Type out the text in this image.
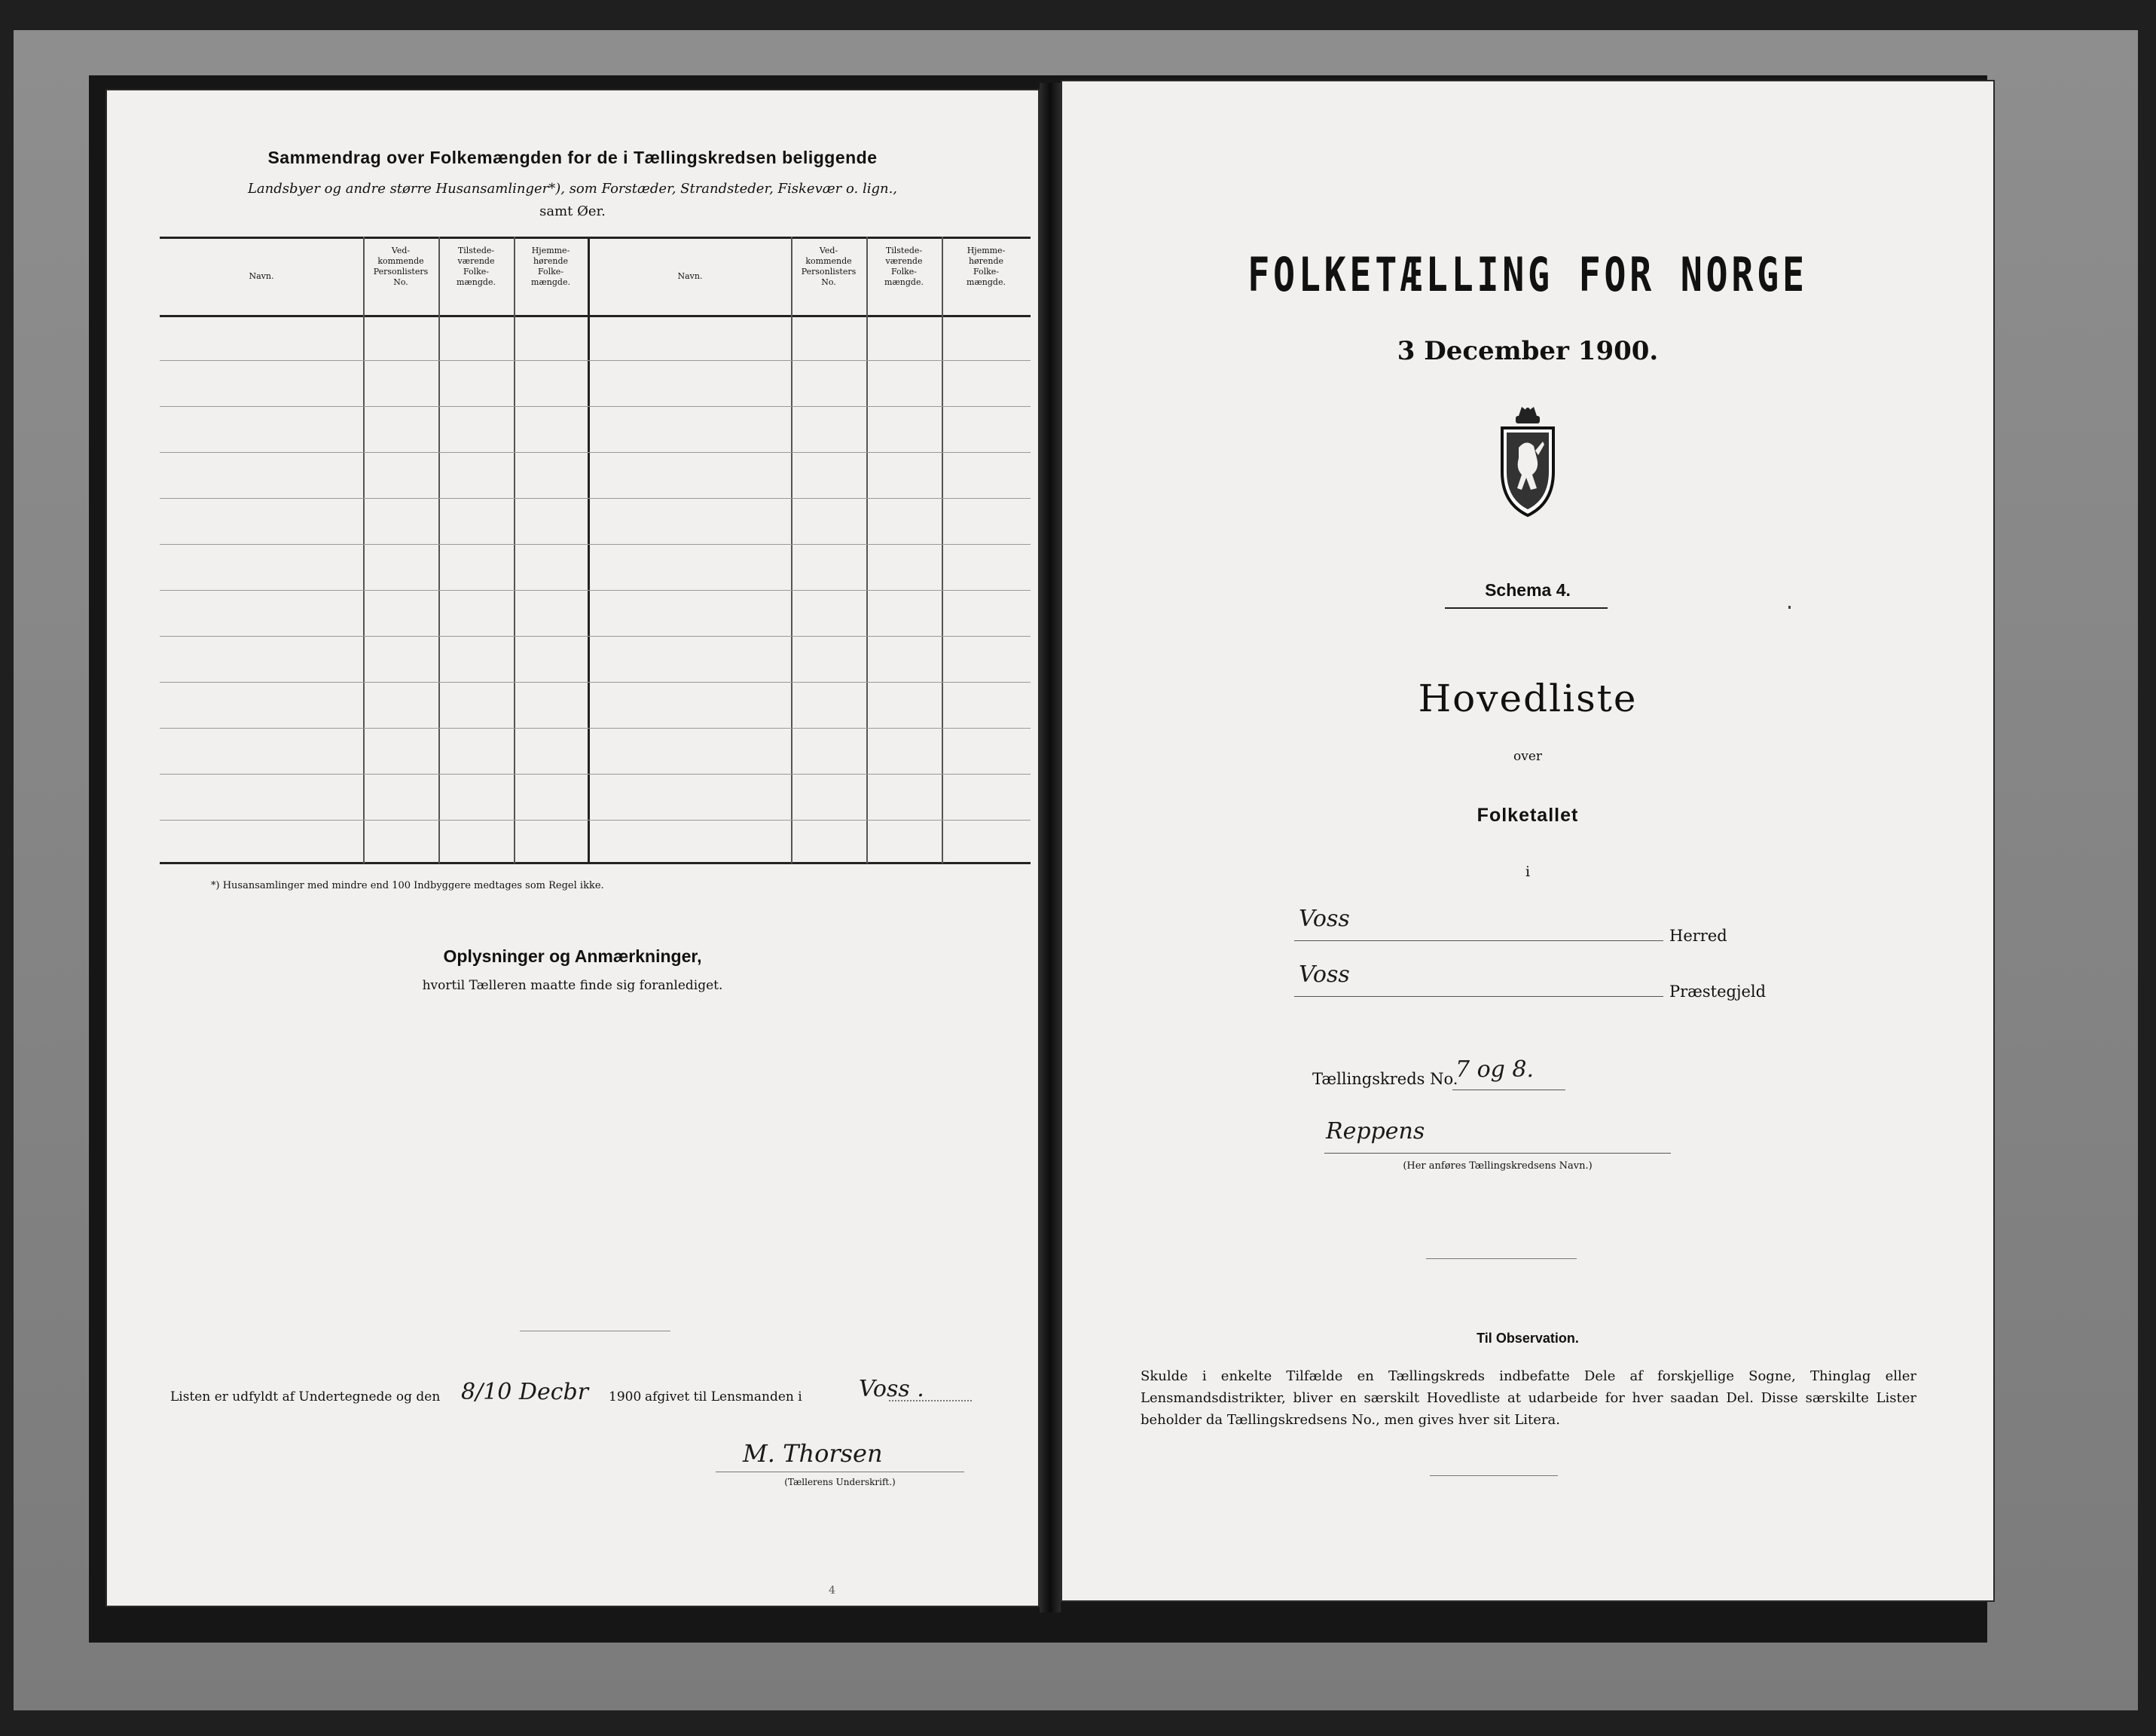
Sammendrag over Folkemængden for de i Tællingskredsen beliggende
Landsbyer og andre større Husansamlinger*), som Forstæder, Strandsteder, Fiskevær o. lign.,
samt Øer.
Navn.
Ved-
kommende
Personlisters
No.
Tilstede-
værende
Folke-
mængde.
Hjemme-
hørende
Folke-
mængde.
Navn.
Ved-
kommende
Personlisters
No.
Tilstede-
værende
Folke-
mængde.
Hjemme-
hørende
Folke-
mængde.
*) Husansamlinger med mindre end 100 Indbyggere medtages som Regel ikke.
Oplysninger og Anmærkninger,
hvortil Tælleren maatte finde sig foranlediget.
Listen er udfyldt af Undertegnede og den 8/10 Decbr 1900 afgivet til Lensmanden i	Voss .
M. Thorsen
(Tællerens Underskrift.)
4
FOLKETÆLLING FOR NORGE
3 December 1900.
Schema 4.
Hovedliste
over
Folketallet
i
Voss
Herred
Voss
Præstegjeld
Tællingskreds No.
7 og 8.
Reppens
(Her anføres Tællingskredsens Navn.)
Til Observation.
Skulde i enkelte Tilfælde en Tællingskreds indbefatte Dele af forskjellige Sogne, Thinglag eller Lensmandsdistrikter, bliver en særskilt Hovedliste at udarbeide for hver saadan Del. Disse særskilte Lister beholder da Tællingskredsens No., men gives hver sit Litera.
